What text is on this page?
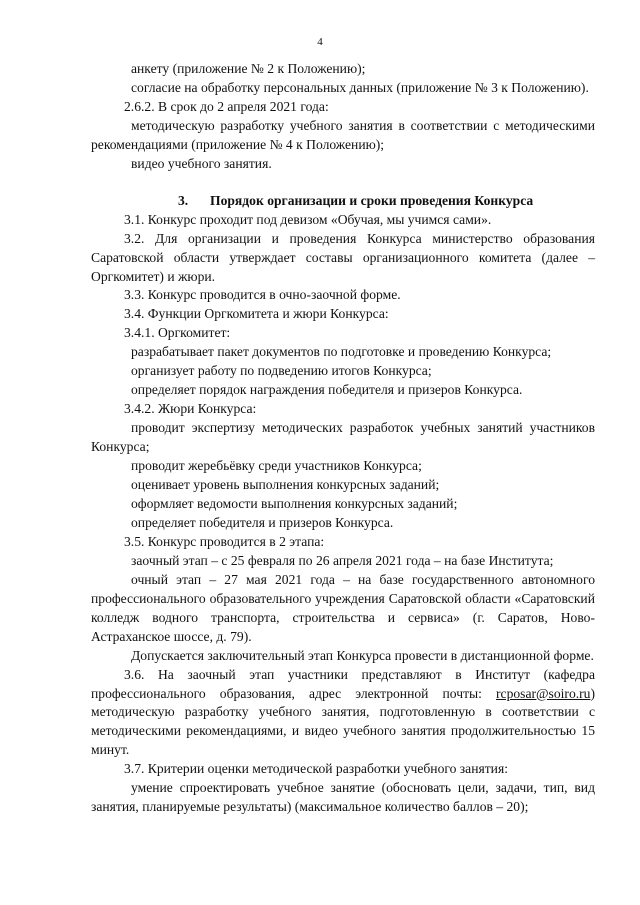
4

анкету (приложение № 2 к Положению);

согласие на обработку персональных данных (приложение № 3 к Положению).

2.6.2. В срок до 2 апреля 2021 года:

методическую разработку учебного занятия в соответствии с методическими рекомендациями (приложение № 4 к Положению);

видео учебного занятия.

3. Порядок организации и сроки проведения Конкурса

3.1. Конкурс проходит под девизом «Обучая, мы учимся сами».

3.2. Для организации и проведения Конкурса министерство образования Саратовской области утверждает составы организационного комитета (далее – Оргкомитет) и жюри.

3.3. Конкурс проводится в очно-заочной форме.

3.4. Функции Оргкомитета и жюри Конкурса:

3.4.1. Оргкомитет:

разрабатывает пакет документов по подготовке и проведению Конкурса;

организует работу по подведению итогов Конкурса;

определяет порядок награждения победителя и призеров Конкурса.

3.4.2. Жюри Конкурса:

проводит экспертизу методических разработок учебных занятий участников Конкурса;

проводит жеребьёвку среди участников Конкурса;

оценивает уровень выполнения конкурсных заданий;

оформляет ведомости выполнения конкурсных заданий;

определяет победителя и призеров Конкурса.

3.5. Конкурс проводится в 2 этапа:

заочный этап – с 25 февраля по 26 апреля 2021 года – на базе Института;

очный этап – 27 мая 2021 года – на базе государственного автономного профессионального образовательного учреждения Саратовской области «Саратовский колледж водного транспорта, строительства и сервиса» (г. Саратов, Ново-Астраханское шоссе, д. 79).

Допускается заключительный этап Конкурса провести в дистанционной форме.

3.6. На заочный этап участники представляют в Институт (кафедра профессионального образования, адрес электронной почты: rcposar@soiro.ru) методическую разработку учебного занятия, подготовленную в соответствии с методическими рекомендациями, и видео учебного занятия продолжительностью 15 минут.

3.7. Критерии оценки методической разработки учебного занятия:

умение спроектировать учебное занятие (обосновать цели, задачи, тип, вид занятия, планируемые результаты) (максимальное количество баллов – 20);
